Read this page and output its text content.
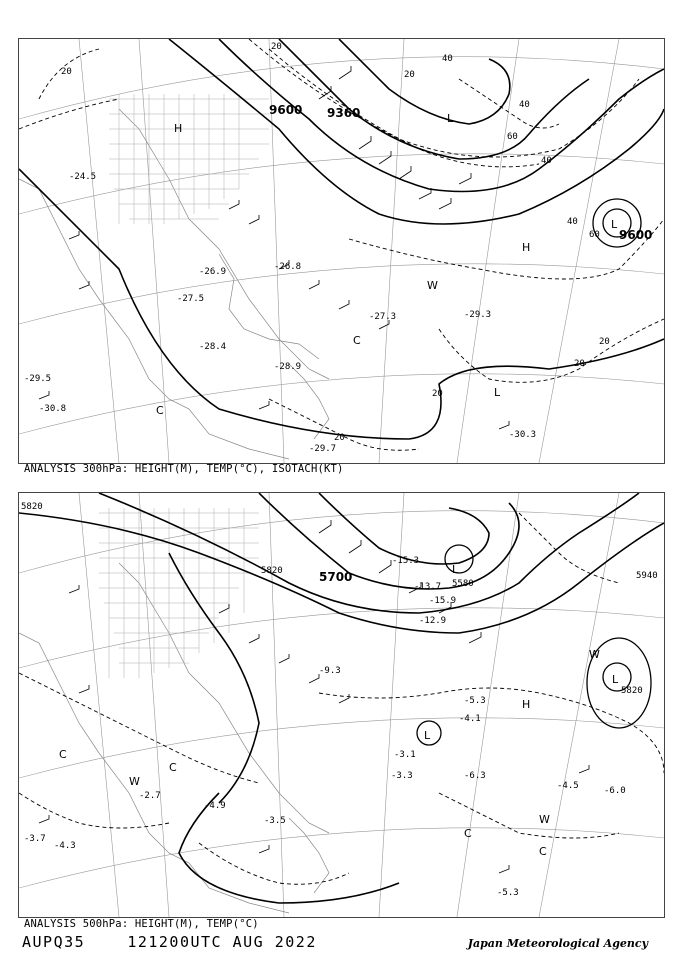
H
L
L
H
C
C
W
L
9600 9360
9600
20
20
40
20
40
60
40
60
40
20
20
20
20
-24.5
-26.9
-27.5
-28.4
-26.8
-27.3	-29.3
-30.3
-29.5
-30.8
-29.7
-28.9
ANALYSIS 300hPa: HEIGHT(M), TEMP(°C), ISOTACH(KT)
L
L
L
H
C
W
C
W
C
W
C
5820
5820	5700	5580
5940
5820
-15.3
-13.7
-15.9
-12.9
-9.3
-5.3
-4.1
-3.1
-3.3	-6.3
-4.5	-6.0
-3.7
-4.3
-5.3
-4.9
-2.7
-3.5
ANALYSIS 500hPa: HEIGHT(M), TEMP(°C)
AUPQ35	121200UTC AUG 2022	Japan Meteorological Agency
